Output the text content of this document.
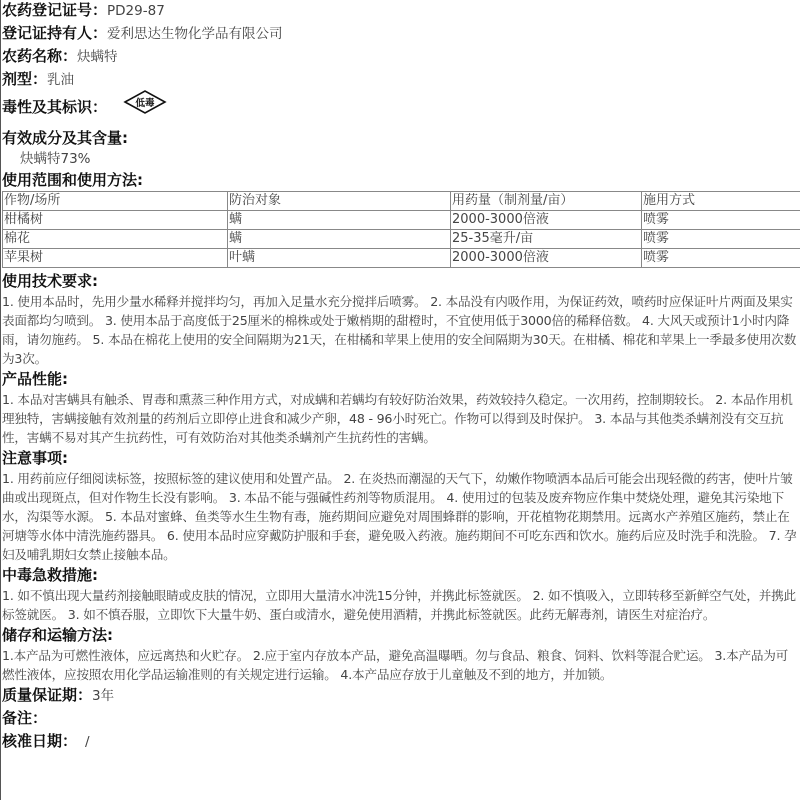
农药登记证号：PD29-87
登记证持有人：爱利思达生物化学品有限公司
农药名称：炔螨特
剂型：乳油
毒性及其标识：	低毒
有效成分及其含量:
炔螨特73%
使用范围和使用方法:
作物/场所	防治对象	用药量（制剂量/亩）	施用方式
柑橘树	螨	2000-3000倍液	喷雾
棉花	螨	25-35毫升/亩	喷雾
苹果树	叶螨	2000-3000倍液	喷雾
使用技术要求:
1. 使用本品时，先用少量水稀释并搅拌均匀，再加入足量水充分搅拌后喷雾。 2. 本品没有内吸作用，为保证药效，喷药时应保证叶片两面及果实表面都均匀喷到。 3. 使用本品于高度低于25厘米的棉株或处于嫩梢期的甜橙时，不宜使用低于3000倍的稀释倍数。 4. 大风天或预计1小时内降雨，请勿施药。 5. 本品在棉花上使用的安全间隔期为21天，在柑橘和苹果上使用的安全间隔期为30天。在柑橘、棉花和苹果上一季最多使用次数为3次。
产品性能:
1. 本品对害螨具有触杀、胃毒和熏蒸三种作用方式，对成螨和若螨均有较好防治效果，药效较持久稳定。一次用药，控制期较长。 2. 本品作用机理独特，害螨接触有效剂量的药剂后立即停止进食和减少产卵，48 - 96小时死亡。作物可以得到及时保护。 3. 本品与其他类杀螨剂没有交互抗性，害螨不易对其产生抗药性，可有效防治对其他类杀螨剂产生抗药性的害螨。
注意事项:
1. 用药前应仔细阅读标签，按照标签的建议使用和处置产品。 2. 在炎热而潮湿的天气下，幼嫩作物喷洒本品后可能会出现轻微的药害，使叶片皱曲或出现斑点，但对作物生长没有影响。 3. 本品不能与强碱性药剂等物质混用。 4. 使用过的包装及废弃物应作集中焚烧处理，避免其污染地下水，沟渠等水源。 5. 本品对蜜蜂、鱼类等水生生物有毒，施药期间应避免对周围蜂群的影响，开花植物花期禁用。远离水产养殖区施药，禁止在河塘等水体中清洗施药器具。 6. 使用本品时应穿戴防护服和手套，避免吸入药液。施药期间不可吃东西和饮水。施药后应及时洗手和洗脸。 7. 孕妇及哺乳期妇女禁止接触本品。
中毒急救措施:
1. 如不慎出现大量药剂接触眼睛或皮肤的情况，立即用大量清水冲洗15分钟，并携此标签就医。 2. 如不慎吸入，立即转移至新鲜空气处，并携此标签就医。 3. 如不慎吞服，立即饮下大量牛奶、蛋白或清水，避免使用酒精，并携此标签就医。此药无解毒剂，请医生对症治疗。
储存和运输方法:
1.本产品为可燃性液体，应远离热和火贮存。 2.应于室内存放本产品，避免高温曝晒。勿与食品、粮食、饲料、饮料等混合贮运。 3.本产品为可燃性液体，应按照农用化学品运输准则的有关规定进行运输。 4.本产品应存放于儿童触及不到的地方，并加锁。
质量保证期：3年
备注：
核准日期： /
